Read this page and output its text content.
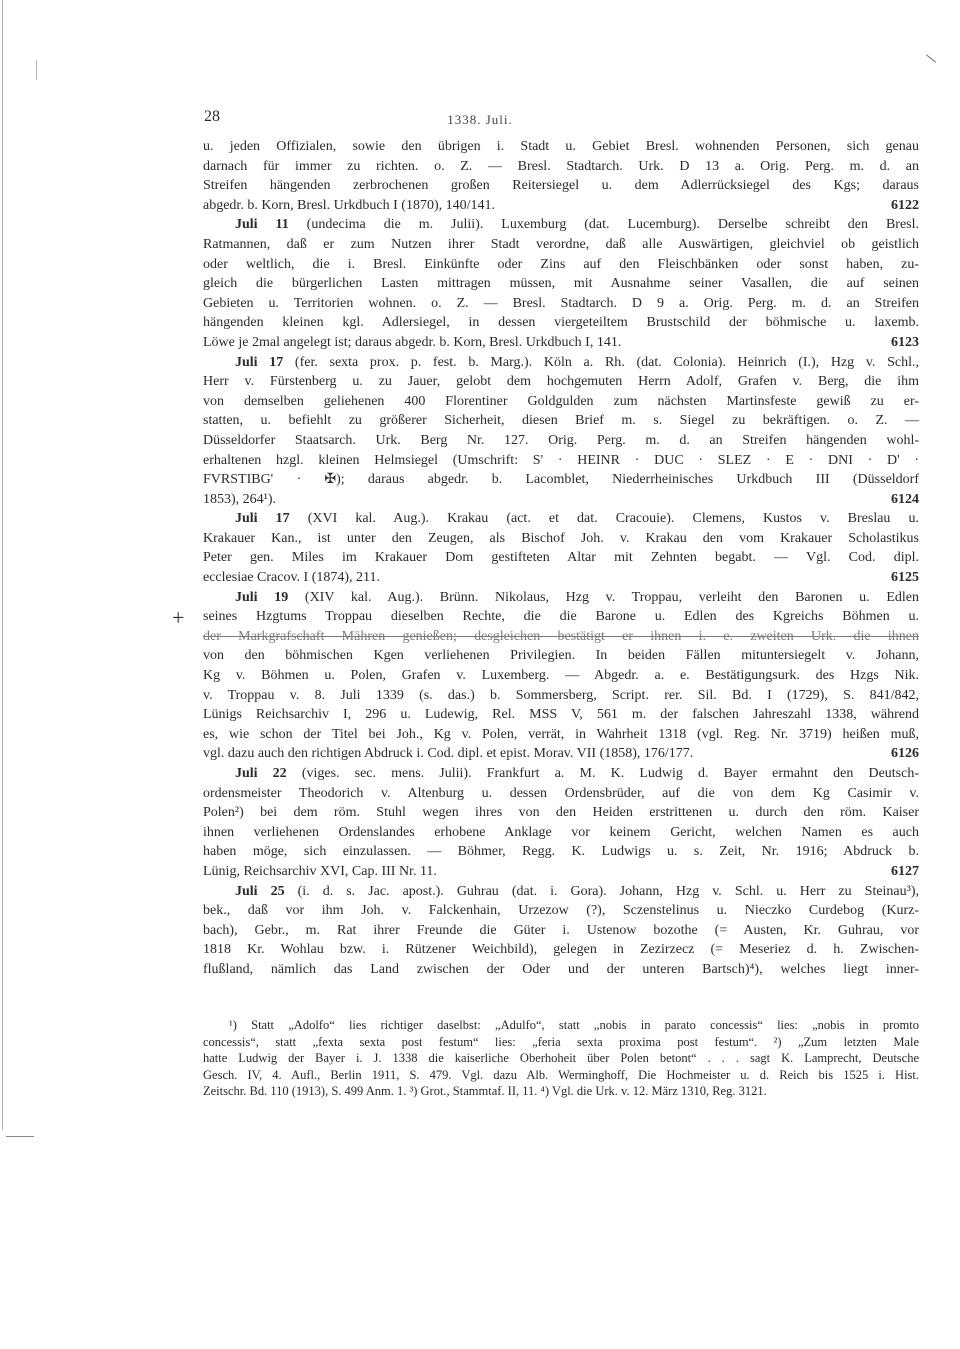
28	1338. Juli.
+
u. jeden Offizialen, sowie den übrigen i. Stadt u. Gebiet Bresl. wohnenden Personen, sich genau
darnach für immer zu richten. o. Z. — Bresl. Stadtarch. Urk. D 13 a. Orig. Perg. m. d. an
Streifen hängenden zerbrochenen großen Reitersiegel u. dem Adlerrücksiegel des Kgs; daraus
abgedr. b. Korn, Bresl. Urkdbuch I (1870), 140/141.	6122
Juli 11 (undecima die m. Julii). Luxemburg (dat. Lucemburg). Derselbe schreibt den Bresl.
Ratmannen, daß er zum Nutzen ihrer Stadt verordne, daß alle Auswärtigen, gleichviel ob geistlich
oder weltlich, die i. Bresl. Einkünfte oder Zins auf den Fleischbänken oder sonst haben, zu-
gleich die bürgerlichen Lasten mittragen müssen, mit Ausnahme seiner Vasallen, die auf seinen
Gebieten u. Territorien wohnen. o. Z. — Bresl. Stadtarch. D 9 a. Orig. Perg. m. d. an Streifen
hängenden kleinen kgl. Adlersiegel, in dessen viergeteiltem Brustschild der böhmische u. laxemb.
Löwe je 2mal angelegt ist; daraus abgedr. b. Korn, Bresl. Urkdbuch I, 141.	6123
Juli 17 (fer. sexta prox. p. fest. b. Marg.). Köln a. Rh. (dat. Colonia). Heinrich (I.), Hzg v. Schl.,
Herr v. Fürstenberg u. zu Jauer, gelobt dem hochgemuten Herrn Adolf, Grafen v. Berg, die ihm
von demselben geliehenen 400 Florentiner Goldgulden zum nächsten Martinsfeste gewiß zu er-
statten, u. befiehlt zu größerer Sicherheit, diesen Brief m. s. Siegel zu bekräftigen. o. Z. —
Düsseldorfer Staatsarch. Urk. Berg Nr. 127. Orig. Perg. m. d. an Streifen hängenden wohl-
erhaltenen hzgl. kleinen Helmsiegel (Umschrift: S' · HEINR · DUC · SLEZ · E · DNI · D' ·
FVRSTIBG' · ✠); daraus abgedr. b. Lacomblet, Niederrheinisches Urkdbuch III (Düsseldorf
1853), 264¹).	6124
Juli 17 (XVI kal. Aug.). Krakau (act. et dat. Cracouie). Clemens, Kustos v. Breslau u.
Krakauer Kan., ist unter den Zeugen, als Bischof Joh. v. Krakau den vom Krakauer Scholastikus
Peter gen. Miles im Krakauer Dom gestifteten Altar mit Zehnten begabt. — Vgl. Cod. dipl.
ecclesiae Cracov. I (1874), 211.	6125
Juli 19 (XIV kal. Aug.). Brünn. Nikolaus, Hzg v. Troppau, verleiht den Baronen u. Edlen
seines Hzgtums Troppau dieselben Rechte, die die Barone u. Edlen des Kgreichs Böhmen u.
der Markgrafschaft Mähren genießen; desgleichen bestätigt er ihnen i. e. zweiten Urk. die ihnen
von den böhmischen Kgen verliehenen Privilegien. In beiden Fällen mituntersiegelt v. Johann,
Kg v. Böhmen u. Polen, Grafen v. Luxemberg. — Abgedr. a. e. Bestätigungsurk. des Hzgs Nik.
v. Troppau v. 8. Juli 1339 (s. das.) b. Sommersberg, Script. rer. Sil. Bd. I (1729), S. 841/842,
Lünigs Reichsarchiv I, 296 u. Ludewig, Rel. MSS V, 561 m. der falschen Jahreszahl 1338, während
es, wie schon der Titel bei Joh., Kg v. Polen, verrät, in Wahrheit 1318 (vgl. Reg. Nr. 3719) heißen muß,
vgl. dazu auch den richtigen Abdruck i. Cod. dipl. et epist. Morav. VII (1858), 176/177.	6126
Juli 22 (viges. sec. mens. Julii). Frankfurt a. M. K. Ludwig d. Bayer ermahnt den Deutsch-
ordensmeister Theodorich v. Altenburg u. dessen Ordensbrüder, auf die von dem Kg Casimir v.
Polen²) bei dem röm. Stuhl wegen ihres von den Heiden erstrittenen u. durch den röm. Kaiser
ihnen verliehenen Ordenslandes erhobene Anklage vor keinem Gericht, welchen Namen es auch
haben möge, sich einzulassen. — Böhmer, Regg. K. Ludwigs u. s. Zeit, Nr. 1916; Abdruck b.
Lünig, Reichsarchiv XVI, Cap. III Nr. 11.	6127
Juli 25 (i. d. s. Jac. apost.). Guhrau (dat. i. Gora). Johann, Hzg v. Schl. u. Herr zu Steinau³),
bek., daß vor ihm Joh. v. Falckenhain, Urzezow (?), Sczenstelinus u. Nieczko Curdebog (Kurz-
bach), Gebr., m. Rat ihrer Freunde die Güter i. Ustenow bozothe (= Austen, Kr. Guhrau, vor
1818 Kr. Wohlau bzw. i. Rützener Weichbild), gelegen in Zezirzecz (= Meseriez d. h. Zwischen-
flußland, nämlich das Land zwischen der Oder und der unteren Bartsch)⁴), welches liegt inner-
¹) Statt „Adolfo“ lies richtiger daselbst: „Adulfo“, statt „nobis in parato concessis“ lies: „nobis in promto
concessis“, statt „fexta sexta post festum“ lies: „feria sexta proxima post festum“. ²) „Zum letzten Male
hatte Ludwig der Bayer i. J. 1338 die kaiserliche Oberhoheit über Polen betont“ . . . sagt K. Lamprecht, Deutsche
Gesch. IV, 4. Aufl., Berlin 1911, S. 479. Vgl. dazu Alb. Werminghoff, Die Hochmeister u. d. Reich bis 1525 i. Hist.
Zeitschr. Bd. 110 (1913), S. 499 Anm. 1. ³) Grot., Stammtaf. II, 11. ⁴) Vgl. die Urk. v. 12. März 1310, Reg. 3121.
